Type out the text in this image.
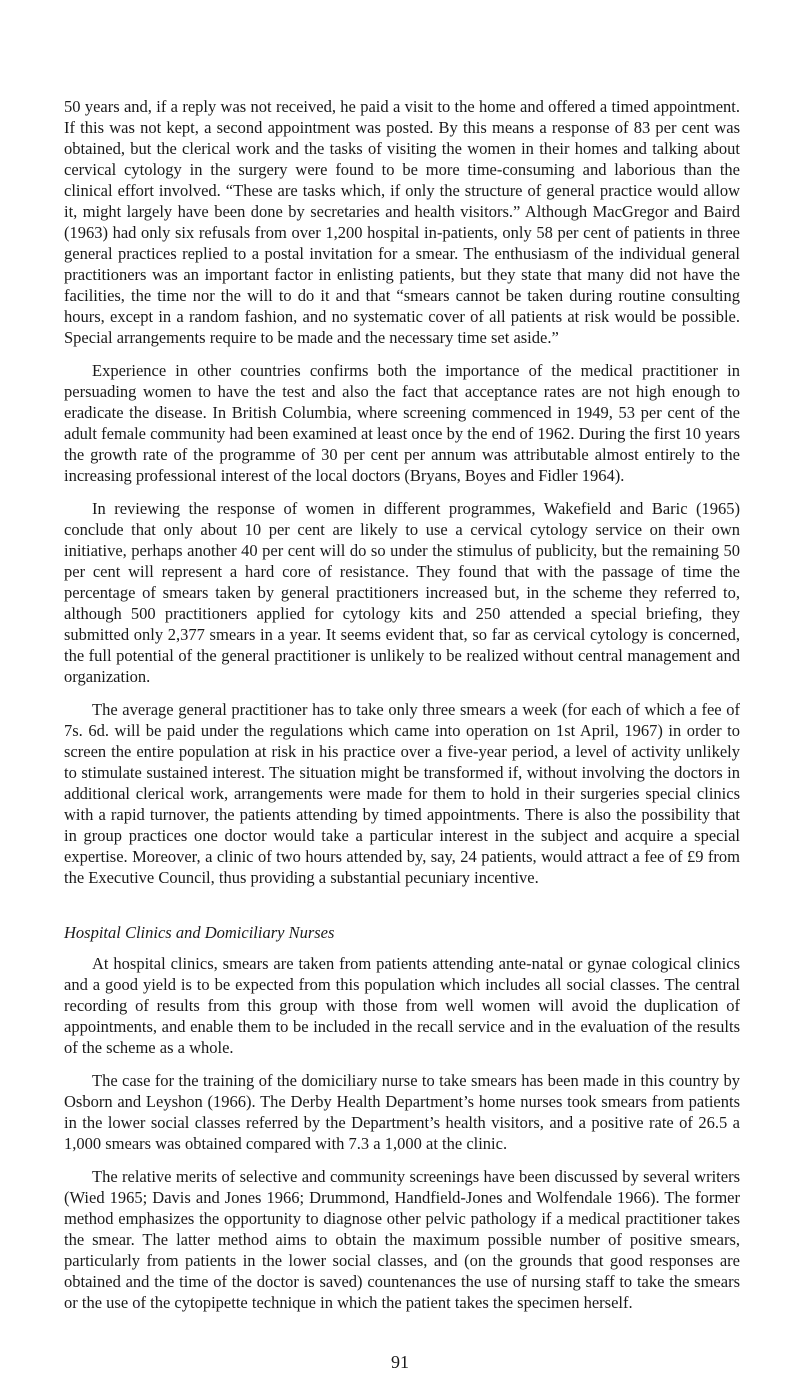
50 years and, if a reply was not received, he paid a visit to the home and offered a timed appointment. If this was not kept, a second appointment was posted. By this means a response of 83 per cent was obtained, but the clerical work and the tasks of visiting the women in their homes and talking about cervical cytology in the surgery were found to be more time-consuming and laborious than the clinical effort involved. “These are tasks which, if only the structure of general practice would allow it, might largely have been done by secretaries and health visitors.” Although MacGregor and Baird (1963) had only six refusals from over 1,200 hospital in-patients, only 58 per cent of patients in three general practices replied to a postal invitation for a smear. The enthusiasm of the individual general practitioners was an important factor in enlisting patients, but they state that many did not have the facilities, the time nor the will to do it and that “smears cannot be taken during routine consulting hours, except in a random fashion, and no systematic cover of all patients at risk would be possible. Special arrangements require to be made and the necessary time set aside.”

Experience in other countries confirms both the importance of the medical practitioner in persuading women to have the test and also the fact that acceptance rates are not high enough to eradicate the disease. In British Columbia, where screening commenced in 1949, 53 per cent of the adult female community had been examined at least once by the end of 1962. During the first 10 years the growth rate of the programme of 30 per cent per annum was attributable almost entirely to the increasing professional interest of the local doctors (Bryans, Boyes and Fidler 1964).

In reviewing the response of women in different programmes, Wakefield and Baric (1965) conclude that only about 10 per cent are likely to use a cervical cytology service on their own initiative, perhaps another 40 per cent will do so under the stimulus of publicity, but the remaining 50 per cent will represent a hard core of resistance. They found that with the passage of time the percentage of smears taken by general practitioners increased but, in the scheme they referred to, although 500 practitioners applied for cytology kits and 250 attended a special briefing, they submitted only 2,377 smears in a year. It seems evident that, so far as cervical cytology is concerned, the full potential of the general practitioner is unlikely to be realized without central management and organization.

The average general practitioner has to take only three smears a week (for each of which a fee of 7s. 6d. will be paid under the regulations which came into operation on 1st April, 1967) in order to screen the entire population at risk in his practice over a five-year period, a level of activity unlikely to stimulate sustained interest. The situation might be transformed if, without involving the doctors in additional clerical work, arrangements were made for them to hold in their surgeries special clinics with a rapid turnover, the patients attending by timed appointments. There is also the possibility that in group practices one doctor would take a particular interest in the subject and acquire a special expertise. Moreover, a clinic of two hours attended by, say, 24 patients, would attract a fee of £9 from the Executive Council, thus providing a substantial pecuniary incentive.

Hospital Clinics and Domiciliary Nurses

At hospital clinics, smears are taken from patients attending ante-natal or gynae cological clinics and a good yield is to be expected from this population which includes all social classes. The central recording of results from this group with those from well women will avoid the duplication of appointments, and enable them to be included in the recall service and in the evaluation of the results of the scheme as a whole.

The case for the training of the domiciliary nurse to take smears has been made in this country by Osborn and Leyshon (1966). The Derby Health Department’s home nurses took smears from patients in the lower social classes referred by the Department’s health visitors, and a positive rate of 26.5 a 1,000 smears was obtained compared with 7.3 a 1,000 at the clinic.

The relative merits of selective and community screenings have been discussed by several writers (Wied 1965; Davis and Jones 1966; Drummond, Handfield-Jones and Wolfendale 1966). The former method emphasizes the opportunity to diagnose other pelvic pathology if a medical practitioner takes the smear. The latter method aims to obtain the maximum possible number of positive smears, particularly from patients in the lower social classes, and (on the grounds that good responses are obtained and the time of the doctor is saved) countenances the use of nursing staff to take the smears or the use of the cytopipette technique in which the patient takes the specimen herself.

91
